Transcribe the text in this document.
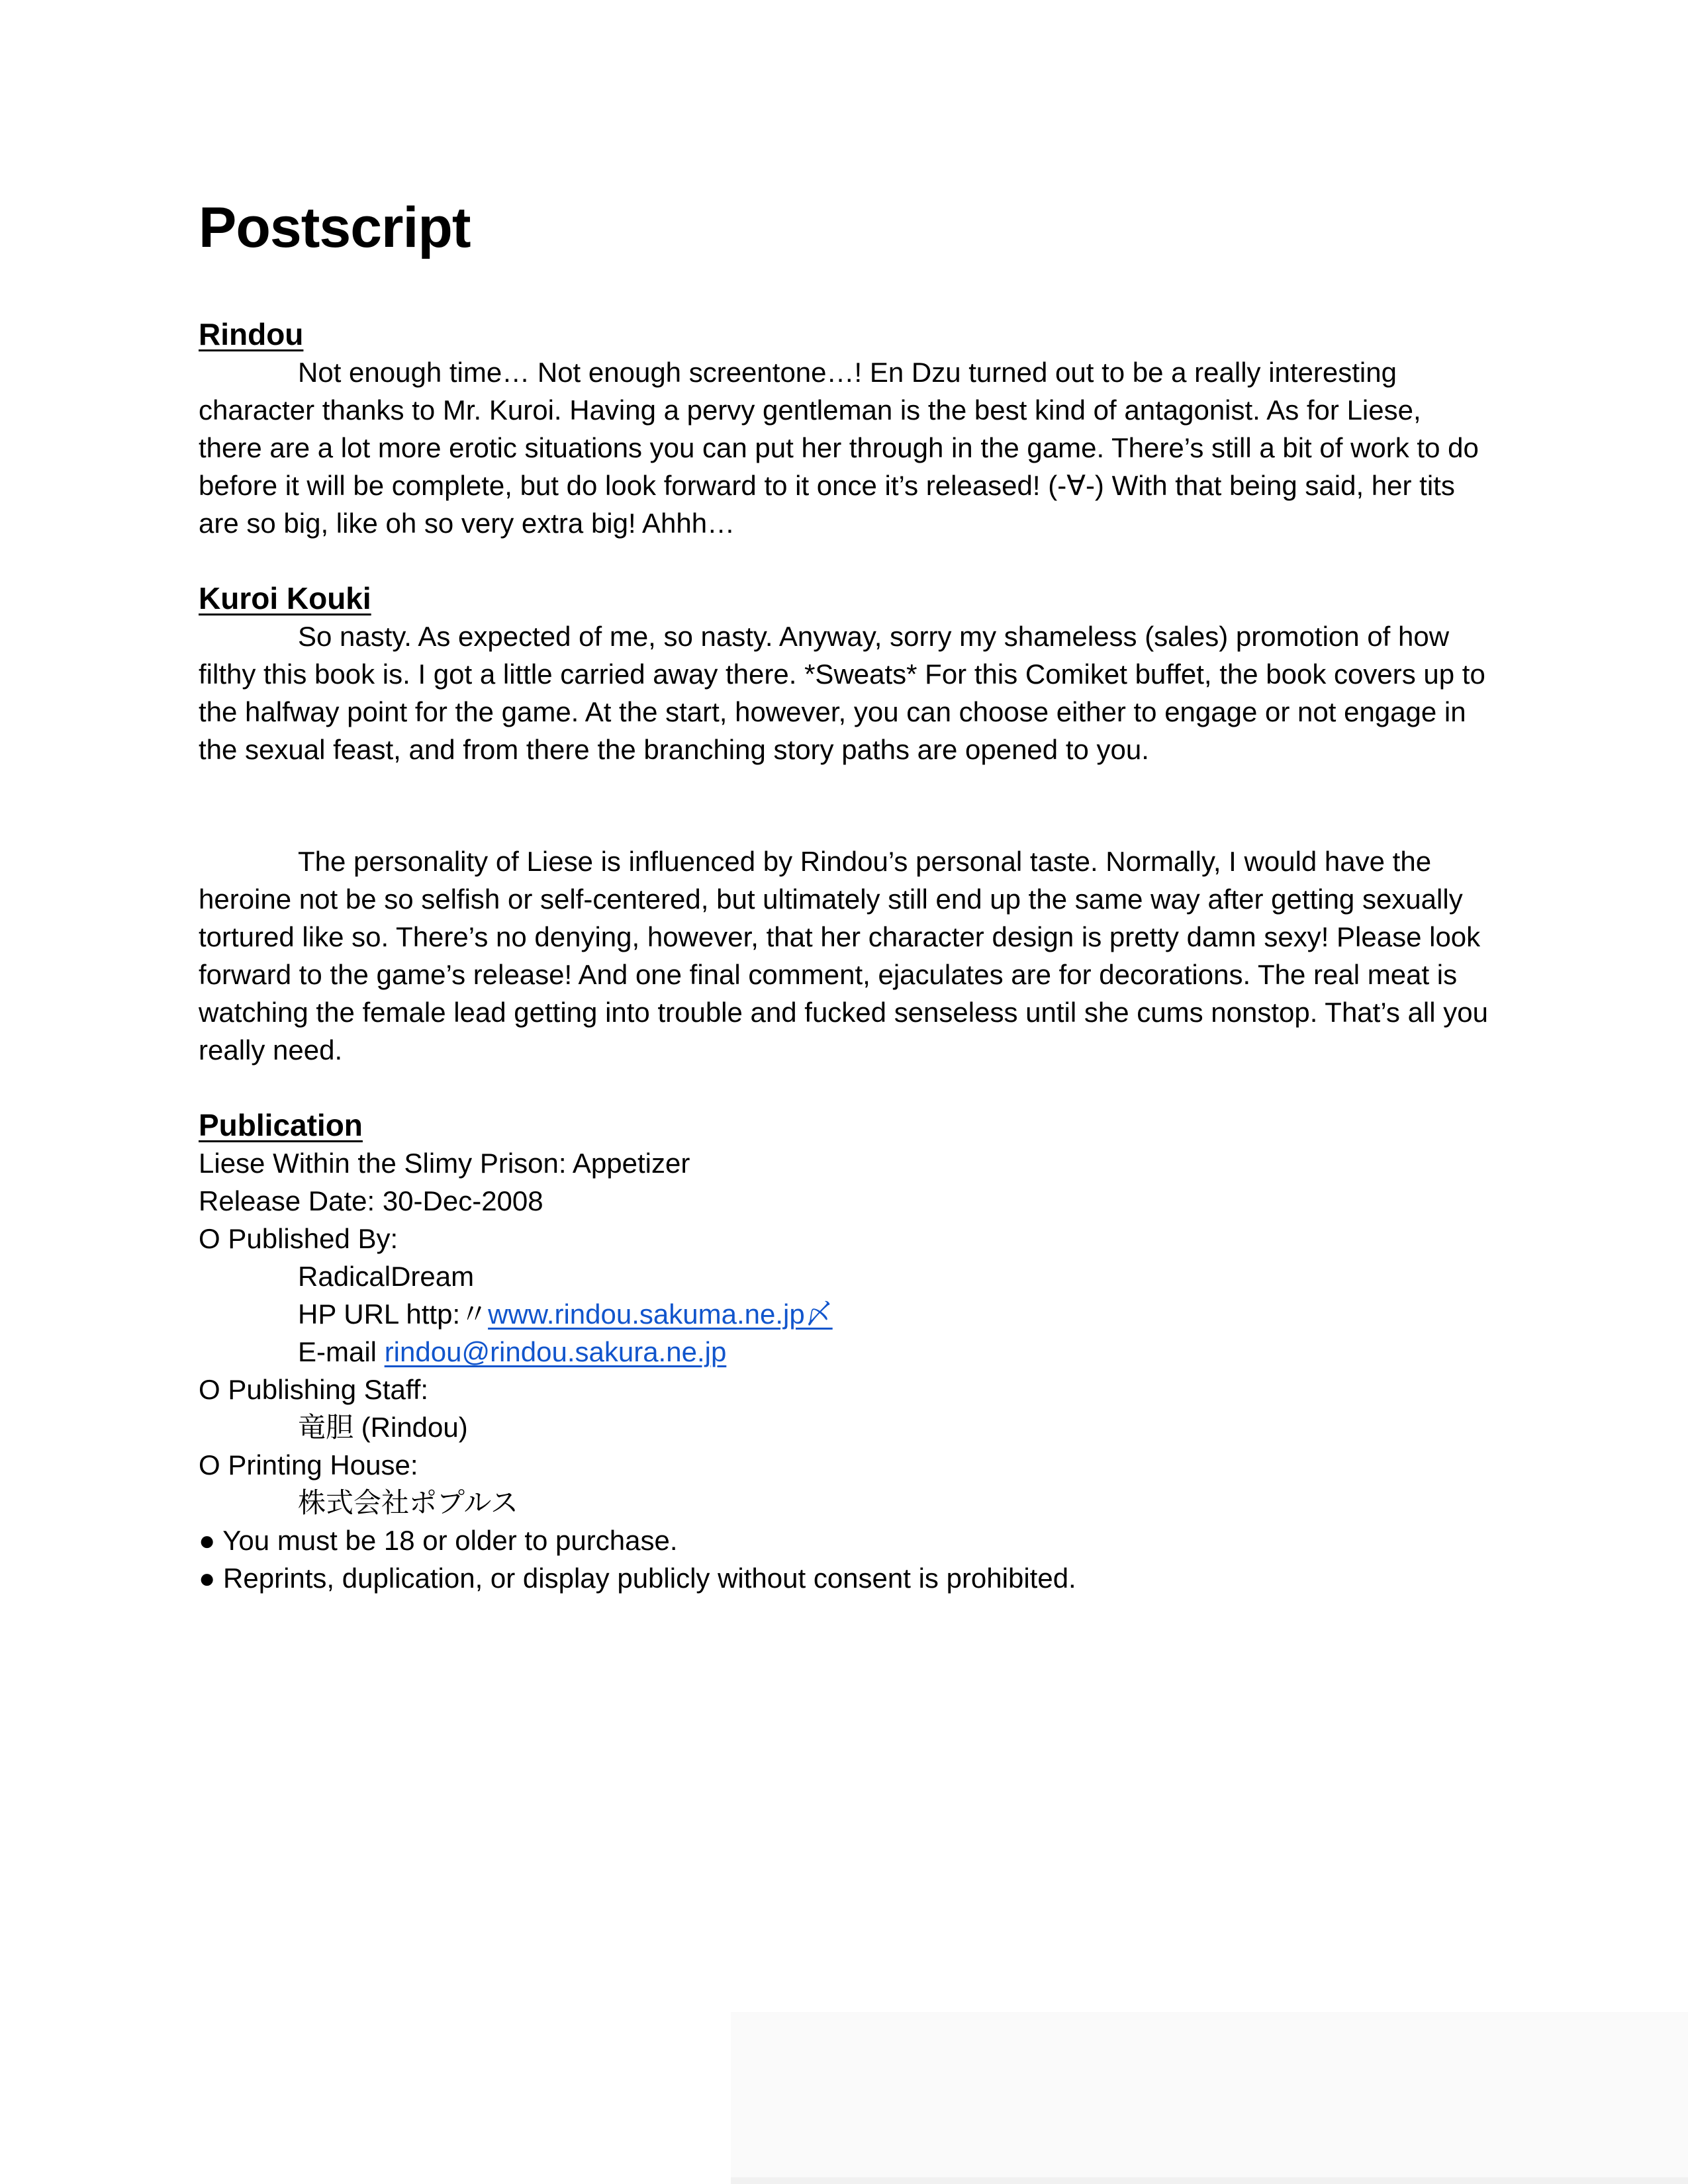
Postscript
Rindou

Not enough time… Not enough screentone…! En Dzu turned out to be a really interesting character thanks to Mr. Kuroi. Having a pervy gentleman is the best kind of antagonist. As for Liese, there are a lot more erotic situations you can put her through in the game. There’s still a bit of work to do before it will be complete, but do look forward to it once it’s released! (-∀-) With that being said, her tits are so big, like oh so very extra big! Ahhh…

Kuroi Kouki

So nasty. As expected of me, so nasty. Anyway, sorry my shameless (sales) promotion of how filthy this book is. I got a little carried away there. *Sweats* For this Comiket buffet, the book covers up to the halfway point for the game. At the start, however, you can choose either to engage or not engage in the sexual feast, and from there the branching story paths are opened to you.

The personality of Liese is influenced by Rindou’s personal taste. Normally, I would have the heroine not be so selfish or self-centered, but ultimately still end up the same way after getting sexually tortured like so. There’s no denying, however, that her character design is pretty damn sexy! Please look forward to the game’s release! And one final comment, ejaculates are for decorations. The real meat is watching the female lead getting into trouble and fucked senseless until she cums nonstop. That’s all you really need.

Publication
Liese Within the Slimy Prison: Appetizer
Release Date: 30-Dec-2008
O Published By:
RadicalDream
HP URL http:〃www.rindou.sakuma.ne.jp〆
E-mail rindou@rindou.sakura.ne.jp
O Publishing Staff:
竜胆 (Rindou)
O Printing House:
株式会社ポプルス
● You must be 18 or older to purchase.
● Reprints, duplication, or display publicly without consent is prohibited.
